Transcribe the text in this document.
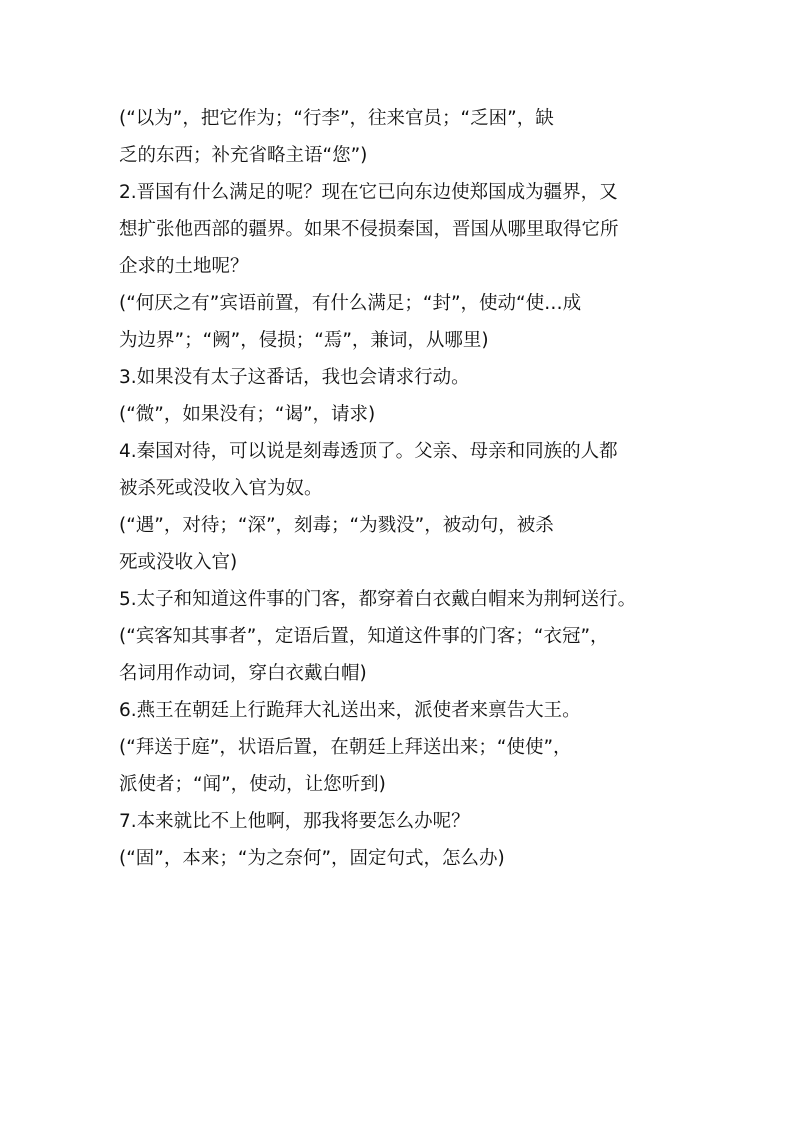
(“以为”，把它作为；“行李”，往来官员；“乏困”，缺

乏的东西；补充省略主语“您”)

2.晋国有什么满足的呢？现在它已向东边使郑国成为疆界，又

想扩张他西部的疆界。如果不侵损秦国，晋国从哪里取得它所

企求的土地呢？

(“何厌之有”宾语前置，有什么满足；“封”，使动“使…成

为边界”；“阙”，侵损；“焉”，兼词，从哪里)

3.如果没有太子这番话，我也会请求行动。

(“微”，如果没有；“谒”，请求)

4.秦国对待，可以说是刻毒透顶了。父亲、母亲和同族的人都

被杀死或没收入官为奴。

(“遇”，对待；“深”，刻毒；“为戮没”，被动句，被杀

死或没收入官)

5.太子和知道这件事的门客，都穿着白衣戴白帽来为荆轲送行。

(“宾客知其事者”，定语后置，知道这件事的门客；“衣冠”，

名词用作动词，穿白衣戴白帽)

6.燕王在朝廷上行跪拜大礼送出来，派使者来禀告大王。

(“拜送于庭”，状语后置，在朝廷上拜送出来；“使使”，

派使者；“闻”，使动，让您听到)

7.本来就比不上他啊，那我将要怎么办呢？

(“固”，本来；“为之奈何”，固定句式，怎么办)
